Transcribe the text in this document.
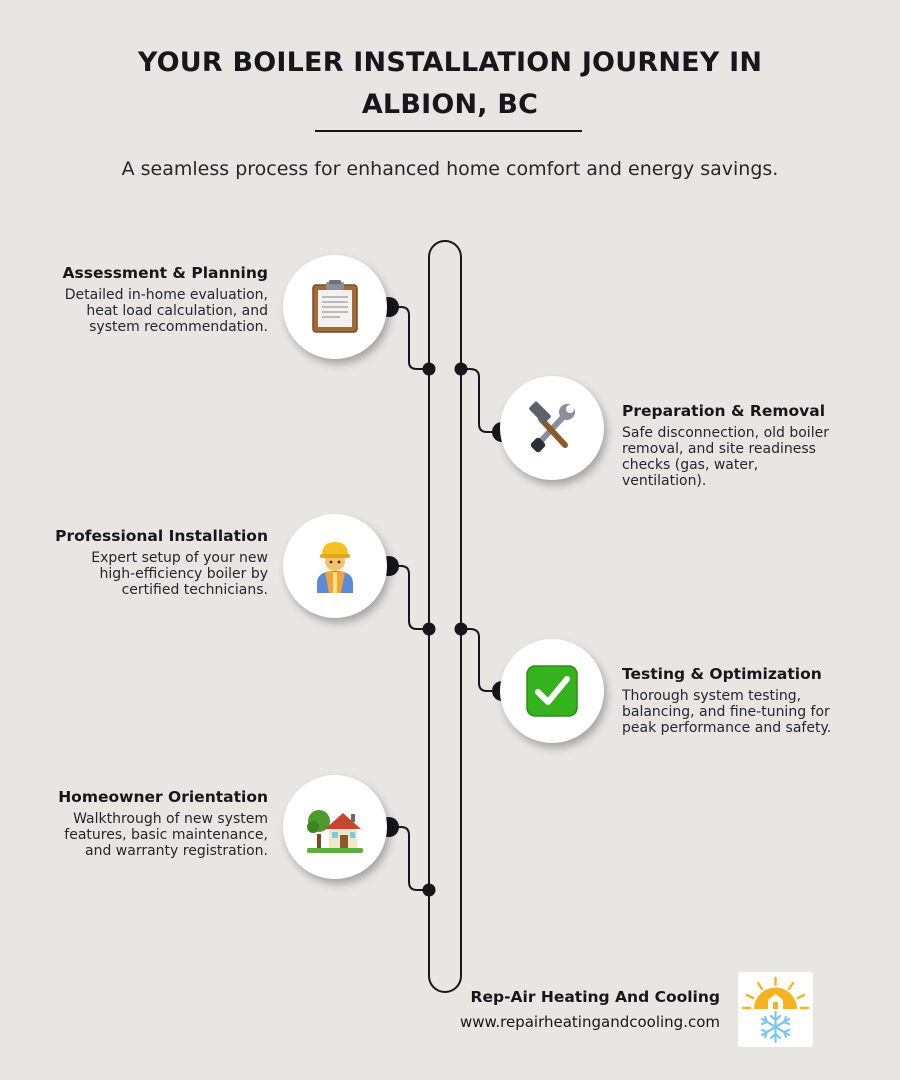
YOUR BOILER INSTALLATION JOURNEY IN
ALBION, BC
A seamless process for enhanced home comfort and energy savings.
Assessment & Planning

Detailed in-home evaluation, heat load calculation, and system recommendation.

Preparation & Removal

Safe disconnection, old boiler removal, and site readiness checks (gas, water, ventilation).

Professional Installation

Expert setup of your new high-efficiency boiler by certified technicians.

Testing & Optimization

Thorough system testing, balancing, and fine-tuning for peak performance and safety.

Homeowner Orientation

Walkthrough of new system features, basic maintenance, and warranty registration.

Rep-Air Heating And Cooling
www.repairheatingandcooling.com
